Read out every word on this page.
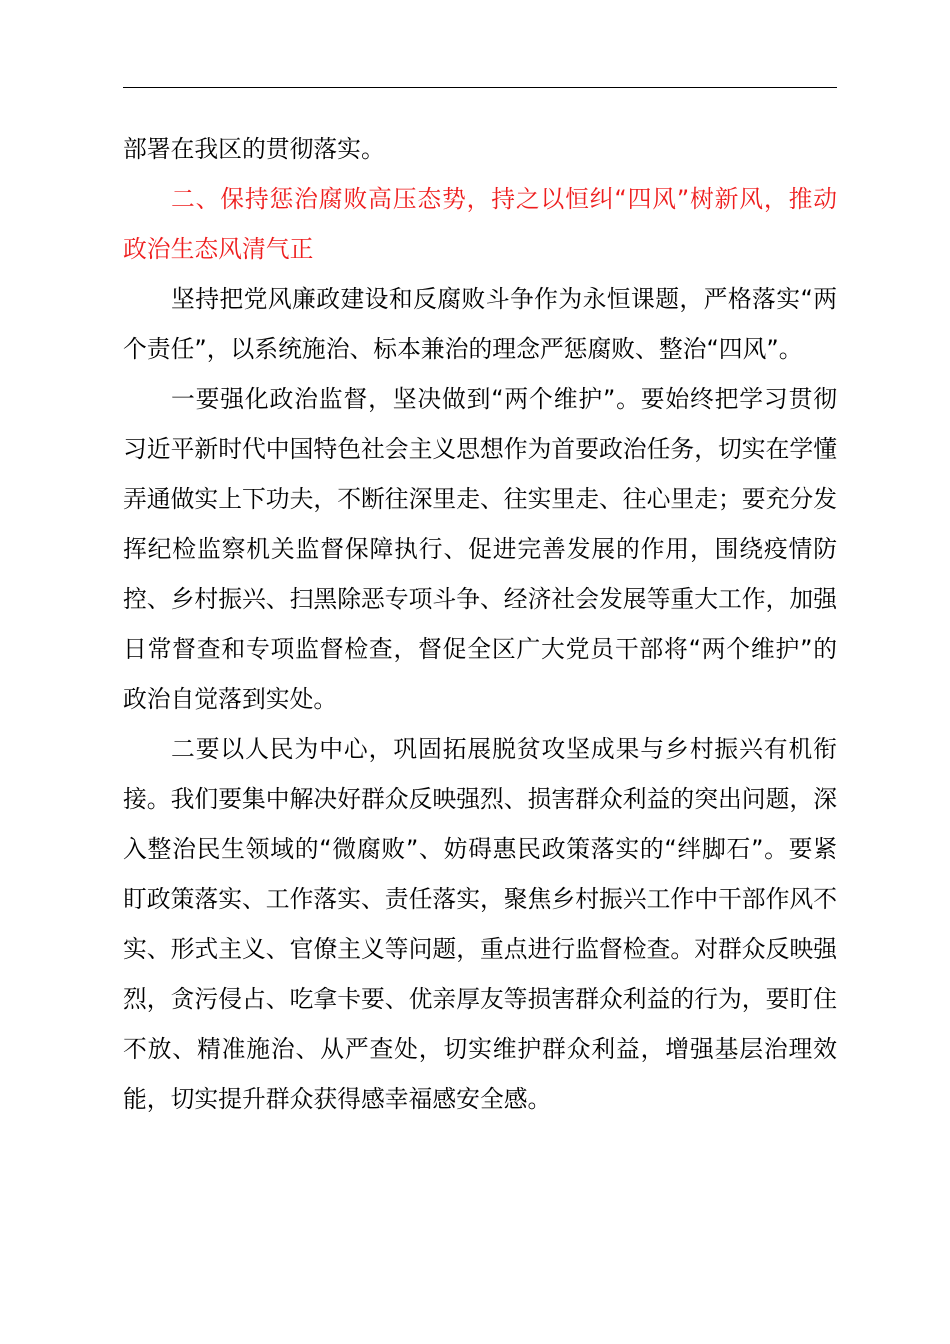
部署在我区的贯彻落实。

二、保持惩治腐败高压态势，持之以恒纠“四风”树新风，推动政治生态风清气正

坚持把党风廉政建设和反腐败斗争作为永恒课题，严格落实“两个责任”，以系统施治、标本兼治的理念严惩腐败、整治“四风”。

一要强化政治监督，坚决做到“两个维护”。要始终把学习贯彻习近平新时代中国特色社会主义思想作为首要政治任务，切实在学懂弄通做实上下功夫，不断往深里走、往实里走、往心里走；要充分发挥纪检监察机关监督保障执行、促进完善发展的作用，围绕疫情防控、乡村振兴、扫黑除恶专项斗争、经济社会发展等重大工作，加强日常督查和专项监督检查，督促全区广大党员干部将“两个维护”的政治自觉落到实处。

二要以人民为中心，巩固拓展脱贫攻坚成果与乡村振兴有机衔接。我们要集中解决好群众反映强烈、损害群众利益的突出问题，深入整治民生领域的“微腐败”、妨碍惠民政策落实的“绊脚石”。要紧盯政策落实、工作落实、责任落实，聚焦乡村振兴工作中干部作风不实、形式主义、官僚主义等问题，重点进行监督检查。对群众反映强烈，贪污侵占、吃拿卡要、优亲厚友等损害群众利益的行为，要盯住不放、精准施治、从严查处，切实维护群众利益，增强基层治理效能，切实提升群众获得感幸福感安全感。
